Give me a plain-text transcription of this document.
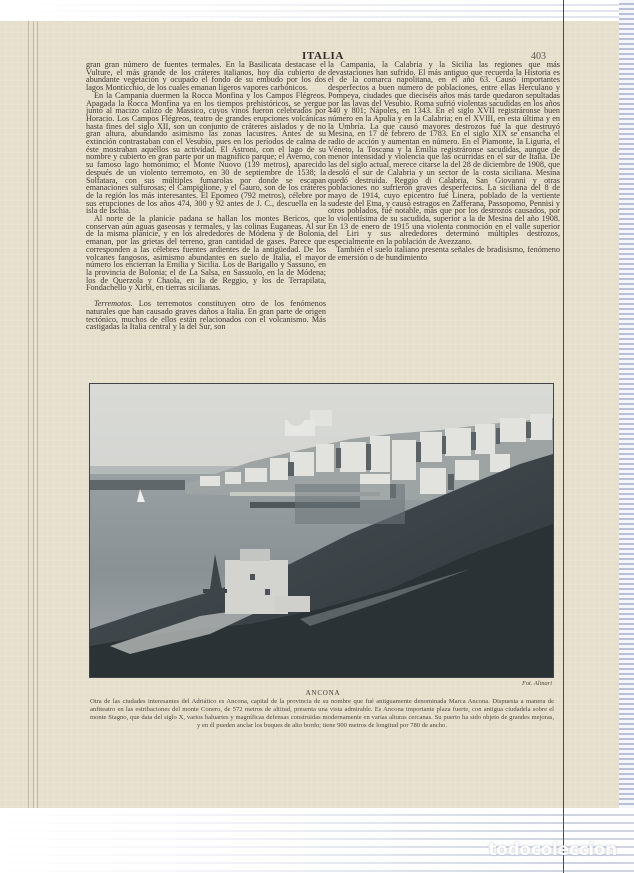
ITALIA	403

gran gran número de fuentes termales. En la Basilicata destacase el Vulture, el más grande de los cráteres italianos, hoy día cubierto de abundante vegetación y ocupado el fondo de su embudo por los dos lagos Monticchio, de los cuales emanan ligeros vapores carbónicos.

En la Campania duermen la Rocca Monfina y los Campos Flégreos. Apagada la Rocca Monfina ya en los tiempos prehistóricos, se yergue junto al macizo calizo de Massico, cuyos vinos fueron celebrados por Horacio. Los Campos Flégreos, teatro de grandes erupciones volcánicas hasta fines del siglo XII, son un conjunto de cráteres aislados y de no gran altura, abundando asimismo las zonas lacustres. Antes de su extinción contrastaban con el Vesubio, pues en los períodos de calma de éste mostraban aquéllos su actividad. El Astroni, con el lago de su nombre y cubierto en gran parte por un magnífico parque; el Averno, con su famoso lago homónimo; el Monte Nuovo (139 metros), aparecido después de un violento terremoto, en 30 de septiembre de 1538; la Solfatara, con sus múltiples fumarolas por donde se escapan emanaciones sulfurosas; el Campiglione, y el Gauro, son de los cráteres de la región los más interesantes. El Epomeo (792 metros), célebre por sus erupciones de los años 474, 300 y 92 antes de J. C., descuella en la isla de Ischia.

Al norte de la planicie padana se hallan los montes Bericos, que conservan aún aguas gaseosas y termales, y las colinas Euganeas. Al sur de la misma planicie, y en los alrededores de Módena y de Bolonia, emanan, por las grietas del terreno, gran cantidad de gases. Parece que corresponden a las célebres fuentes ardientes de la antigüedad. De los volcanes fangosos, asimismo abundantes en suelo de Italia, el mayor número los encierran la Emilia y Sicilia. Los de Barigallo y Sassuno, en la provincia de Bolonia; el de La Salsa, en Sassuolo, en la de Módena; los de Querzola y Chaola, en la de Reggio, y los de Terrapilata, Fondachello y Xirbi, en tierras sicilianas.

Terremotos. Los terremotos constituyen otro de los fenómenos naturales que han causado graves daños a Italia. En gran parte de origen tectónico, muchos de ellos están relacionados con el volcanismo. Más castigadas la Italia central y la del Sur, son

la Campania, la Calabria y la Sicilia las regiones que más devastaciones han sufrido. El más antiguo que recuerda la Historia es el de la comarca napolitana, en el año 63. Causó importantes desperfectos a buen número de poblaciones, entre ellas Herculano y Pompeya, ciudades que dieciséis años más tarde quedaron sepultadas por las lavas del Vesubio. Roma sufrió violentas sacudidas en los años 440 y 801; Nápoles, en 1343. En el siglo XVII registráronse buen número en la Apulia y en la Calabria; en el XVIII, en esta última y en la Umbría. La que causó mayores destrozos fué la que destruyó Mesina, en 17 de febrero de 1783. En el siglo XIX se ensancha el radio de acción y aumentan en número. En el Piamonte, la Liguria, el Véneto, la Toscana y la Emilia registráronse sacudidas, aunque de menor intensidad y violencia que las ocurridas en el sur de Italia. De las del siglo actual, merece citarse la del 28 de diciembre de 1908, que desoló el sur de Calabria y un sector de la costa siciliana. Mesina quedó destruida. Reggio di Calabria, San Giovanni y otras poblaciones no sufrieron graves desperfectos. La siciliana del 8 de mayo de 1914, cuyo epicentro fué Linera, poblado de la vertiente sudeste del Etna, y causó estragos en Zafferana, Passopomo, Pennisi y otros poblados, fué notable, más que por los destrozos causados, por lo violentísima de su sacudida, superior a la de Mesina del año 1908. En 13 de enero de 1915 una violenta conmoción en el valle superior del Liri y sus alrededores determinó múltiples destrozos, especialmente en la población de Avezzano.

También el suelo italiano presenta señales de bradisismo, fenómeno de emersión o de hundimiento

Fot. Alinari
ANCONA
Otra de las ciudades interesantes del Adriático es Ancona, capital de la provincia de su nombre que fué antiguamente denominada Marca Ancona. Dispuesta a manera de anfiteatro en las estribaciones del monte Conero, de 572 metros de altitud, presenta una vista admirable. Es Ancona importante plaza fuerte, con antigua ciudadela sobre el monte Stagno, que data del siglo X, varios baluartes y magníficas defensas construidas modernamente en varias alturas cercanas. Su puerto ha sido objeto de grandes mejoras, y en él pueden anclar los buques de alto bordo; tiene 900 metros de longitud por 780 de ancho.
todocoleccion
